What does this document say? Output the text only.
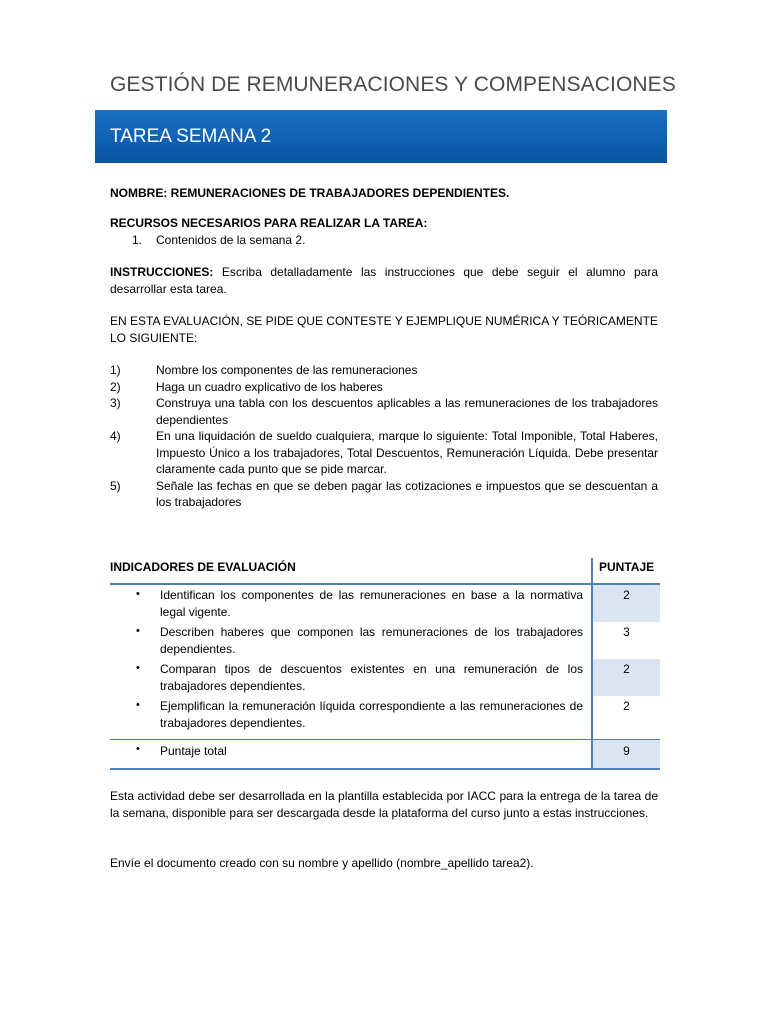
GESTIÓN DE REMUNERACIONES Y COMPENSACIONES
TAREA SEMANA 2
NOMBRE: REMUNERACIONES DE TRABAJADORES DEPENDIENTES.
RECURSOS NECESARIOS PARA REALIZAR LA TAREA:
1. Contenidos de la semana 2.
INSTRUCCIONES: Escriba detalladamente las instrucciones que debe seguir el alumno para desarrollar esta tarea.
EN ESTA EVALUACIÓN, SE PIDE QUE CONTESTE Y EJEMPLIQUE NUMÉRICA Y TEÓRICAMENTE LO SIGUIENTE:
1)	Nombre los componentes de las remuneraciones
2)	Haga un cuadro explicativo de los haberes
3)	Construya una tabla con los descuentos aplicables a las remuneraciones de los trabajadores dependientes
4)	En una liquidación de sueldo cualquiera, marque lo siguiente: Total Imponible, Total Haberes, Impuesto Único a los trabajadores, Total Descuentos, Remuneración Líquida. Debe presentar claramente cada punto que se pide marcar.
5)	Señale las fechas en que se deben pagar las cotizaciones e impuestos que se descuentan a los trabajadores
INDICADORES DE EVALUACIÓN	PUNTAJE

• Identifican los componentes de las remuneraciones en base a la normativa legal vigente.	2

• Describen haberes que componen las remuneraciones de los trabajadores dependientes.	3

• Comparan tipos de descuentos existentes en una remuneración de los trabajadores dependientes.	2

• Ejemplifican la remuneración líquida correspondiente a las remuneraciones de trabajadores dependientes.	2

• Puntaje total	9
Esta actividad debe ser desarrollada en la plantilla establecida por IACC para la entrega de la tarea de la semana, disponible para ser descargada desde la plataforma del curso junto a estas instrucciones.
Envíe el documento creado con su nombre y apellido (nombre_apellido tarea2).
